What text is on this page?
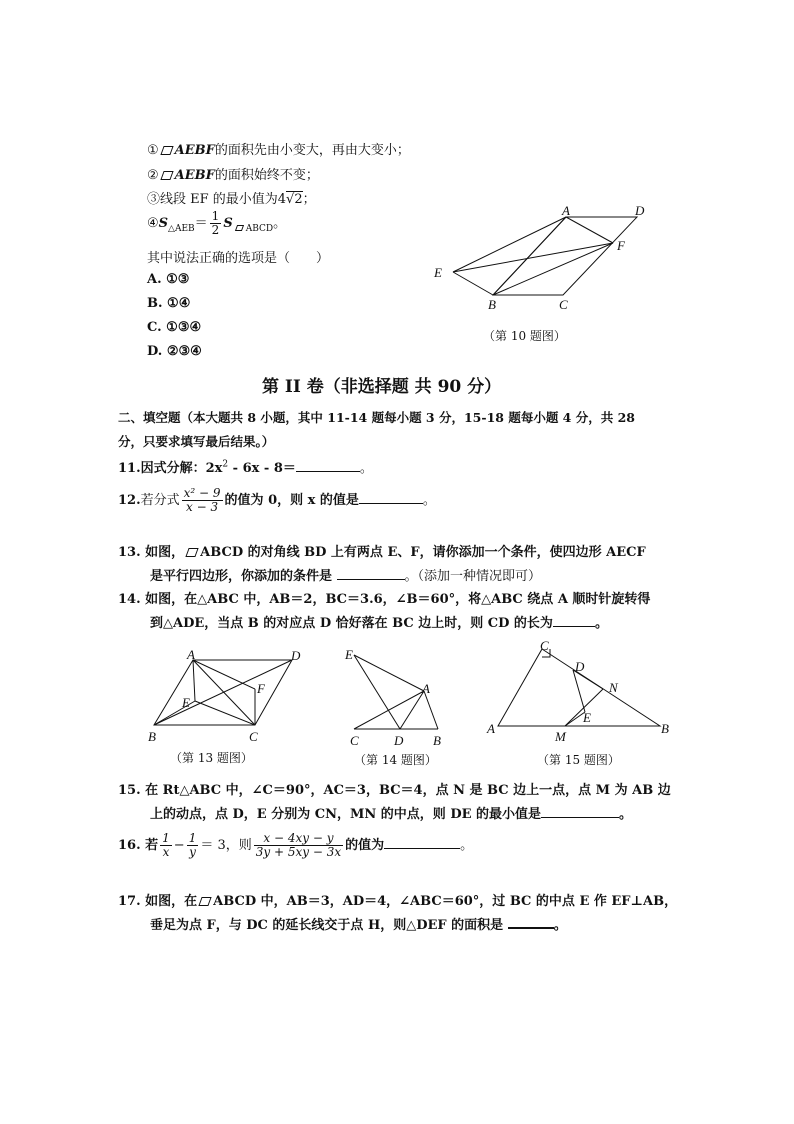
① AEBF的面积先由小变大，再由大变小；
② AEBF的面积始终不变；
③线段 EF 的最小值为4√2；
$④S_{\triangle AEB}= \frac{1}{2}$ S $_{ABCD}$。
其中说法正确的选项是（　　）
A. ①③
B. ①④
C. ①③④
D. ②③④
A	D
F
E
B	C
（第 10 题图）
第 II 卷（非选择题 共 90 分）
二、填空题（本大题共 8 小题，其中 11-14 题每小题 3 分，15-18 题每小题 4 分，共 28
分，只要求填写最后结果。）
11.因式分解：$2x^2 - 6x - 8=$	。
12.若分式 $\frac{\text{x² − 9}}{x - 3}$ 的值为 0，则 x 的值是	。
13. 如图， ABCD 的对角线 BD 上有两点 E、F，请你添加一个条件，使四边形 AECF
是平行四边形，你添加的条件是	。（添加一种情况即可）
14. 如图，在△ABC 中，AB＝2，BC＝3.6，∠B＝60°，将△ABC 绕点 A 顺时针旋转得
到△ADE，当点 B 的对应点 D 恰好落在 BC 边上时，则 CD 的长为	。
A	D
E
F
B	C
（第 13 题图）
E
A
C	D B
（第 14 题图）
C
D
N
E
A
M
B
（第 15 题图）
15. 在 Rt△ABC 中，∠C＝90°，AC＝3，BC＝4，点 N 是 BC 边上一点，点 M 为 AB 边
上的动点，点 D，E 分别为 CN，MN 的中点，则 DE 的最小值是	。
16. 若 $\frac{1}{x} - \frac{1}{y} = 3$，则 $\frac{x - 4xy - y}{3y + 5xy - 3x}$ 的值为	。
17. 如图，在 ABCD 中，AB＝3，AD＝4，∠ABC＝60°，过 BC 的中点 E 作 EF⊥AB，
垂足为点 F，与 DC 的延长线交于点 H，则△DEF 的面积是	。
